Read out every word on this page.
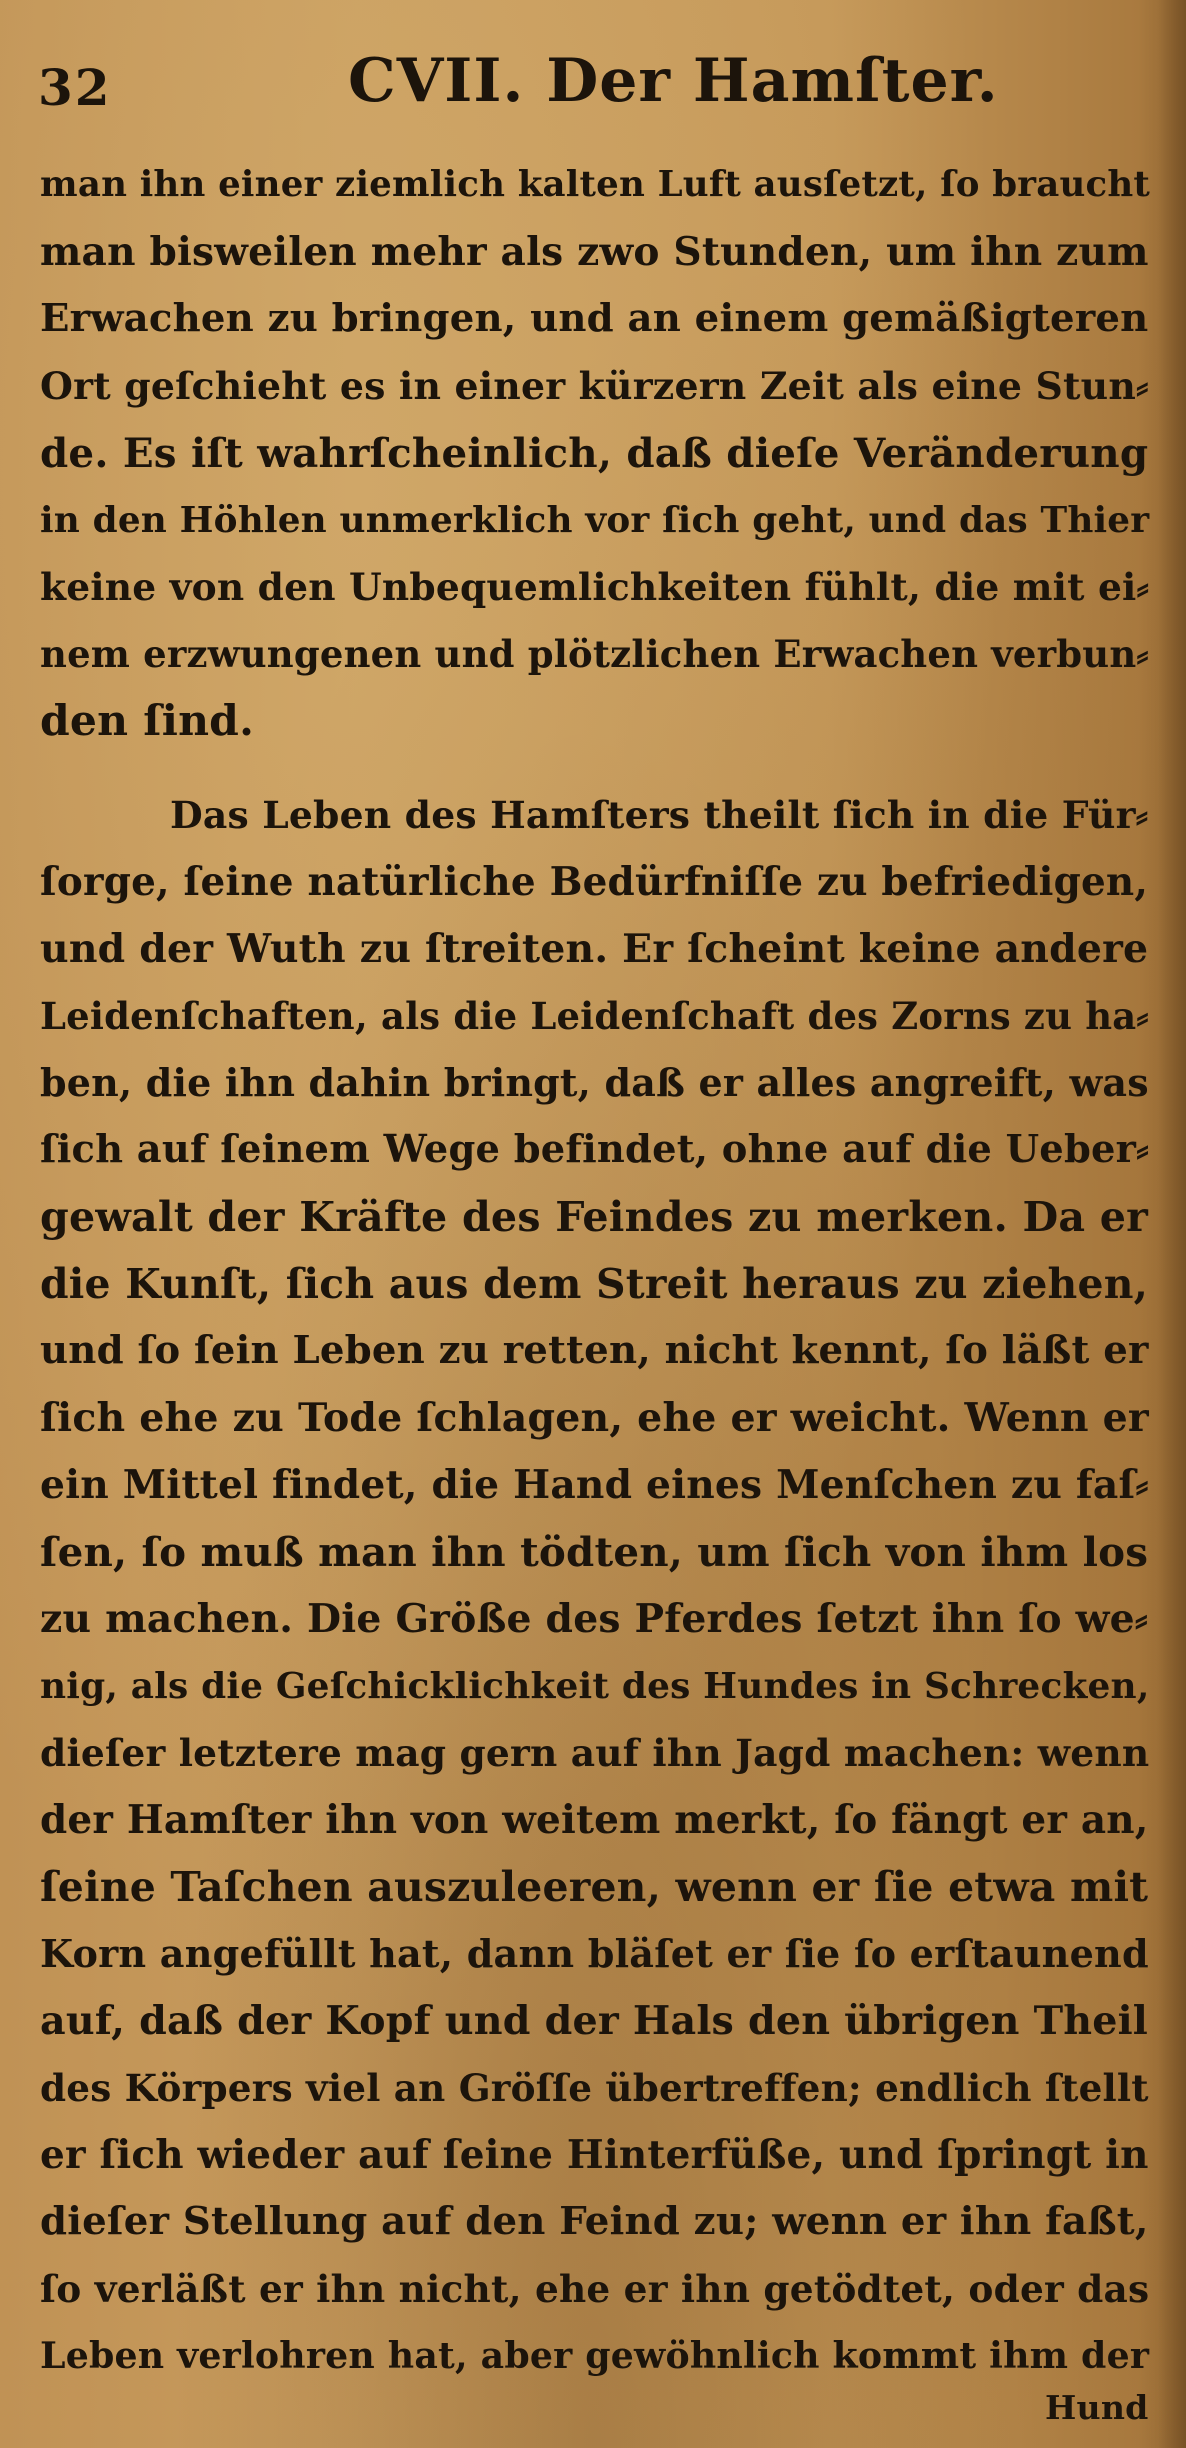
32	CVII. Der Hamſter.
man ihn einer ziemlich kalten Luft ausſetzt, ſo braucht
man bisweilen mehr als zwo Stunden, um ihn zum
Erwachen zu bringen, und an einem gemäßigteren
Ort geſchieht es in einer kürzern Zeit als eine Stun⸗
de. Es iſt wahrſcheinlich, daß dieſe Veränderung
in den Höhlen unmerklich vor ſich geht, und das Thier
keine von den Unbequemlichkeiten fühlt, die mit ei⸗
nem erzwungenen und plötzlichen Erwachen verbun⸗
den ſind.
Das Leben des Hamſters theilt ſich in die Für⸗
ſorge, ſeine natürliche Bedürfniſſe zu befriedigen,
und der Wuth zu ſtreiten. Er ſcheint keine andere
Leidenſchaften, als die Leidenſchaft des Zorns zu ha⸗
ben, die ihn dahin bringt, daß er alles angreift, was
ſich auf ſeinem Wege befindet, ohne auf die Ueber⸗
gewalt der Kräfte des Feindes zu merken. Da er
die Kunſt, ſich aus dem Streit heraus zu ziehen,
und ſo ſein Leben zu retten, nicht kennt, ſo läßt er
ſich ehe zu Tode ſchlagen, ehe er weicht. Wenn er
ein Mittel findet, die Hand eines Menſchen zu faſ⸗
ſen, ſo muß man ihn tödten, um ſich von ihm los
zu machen. Die Größe des Pferdes ſetzt ihn ſo we⸗
nig, als die Geſchicklichkeit des Hundes in Schrecken,
dieſer letztere mag gern auf ihn Jagd machen: wenn
der Hamſter ihn von weitem merkt, ſo fängt er an,
ſeine Taſchen auszuleeren, wenn er ſie etwa mit
Korn angefüllt hat, dann bläſet er ſie ſo erſtaunend
auf, daß der Kopf und der Hals den übrigen Theil
des Körpers viel an Gröſſe übertreffen; endlich ſtellt
er ſich wieder auf ſeine Hinterfüße, und ſpringt in
dieſer Stellung auf den Feind zu; wenn er ihn faßt,
ſo verläßt er ihn nicht, ehe er ihn getödtet, oder das
Leben verlohren hat, aber gewöhnlich kommt ihm der
Hund
